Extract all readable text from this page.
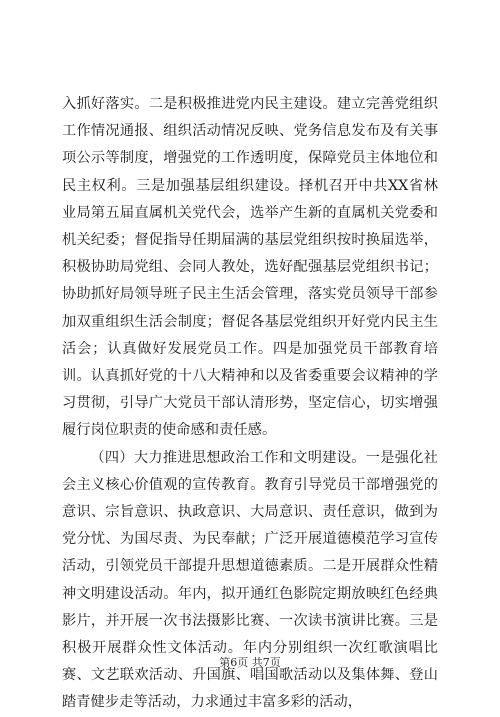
入抓好落实。二是积极推进党内民主建设。建立完善党组织工作情况通报、组织活动情况反映、党务信息发布及有关事项公示等制度，增强党的工作透明度，保障党员主体地位和民主权利。三是加强基层组织建设。择机召开中共XX省林业局第五届直属机关党代会，选举产生新的直属机关党委和机关纪委；督促指导任期届满的基层党组织按时换届选举，积极协助局党组、会同人教处，选好配强基层党组织书记；协助抓好局领导班子民主生活会管理，落实党员领导干部参加双重组织生活会制度；督促各基层党组织开好党内民主生活会；认真做好发展党员工作。四是加强党员干部教育培训。认真抓好党的十八大精神和以及省委重要会议精神的学习贯彻，引导广大党员干部认清形势，坚定信心，切实增强履行岗位职责的使命感和责任感。

（四）大力推进思想政治工作和文明建设。一是强化社会主义核心价值观的宣传教育。教育引导党员干部增强党的意识、宗旨意识、执政意识、大局意识、责任意识，做到为党分忧、为国尽责、为民奉献；广泛开展道德模范学习宣传活动，引领党员干部提升思想道德素质。二是开展群众性精神文明建设活动。年内，拟开通红色影院定期放映红色经典影片，并开展一次书法摄影比赛、一次读书演讲比赛。三是积极开展群众性文体活动。年内分别组织一次红歌演唱比赛、文艺联欢活动、升国旗、唱国歌活动以及集体舞、登山踏青健步走等活动，力求通过丰富多彩的活动，

第6页 共7页
